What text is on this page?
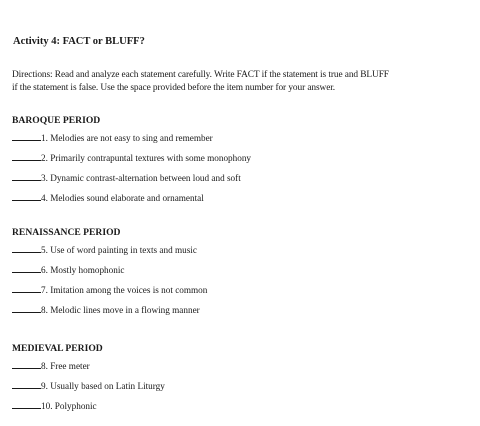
Activity 4: FACT or BLUFF?
Directions: Read and analyze each statement carefully. Write FACT if the statement is true and BLUFF
if the statement is false. Use the space provided before the item number for your answer.
BAROQUE PERIOD
1. Melodies are not easy to sing and remember
2. Primarily contrapuntal textures with some monophony
3. Dynamic contrast-alternation between loud and soft
4. Melodies sound elaborate and ornamental
RENAISSANCE PERIOD
5. Use of word painting in texts and music
6. Mostly homophonic
7. Imitation among the voices is not common
8. Melodic lines move in a flowing manner
MEDIEVAL PERIOD
8. Free meter
9. Usually based on Latin Liturgy
10. Polyphonic
